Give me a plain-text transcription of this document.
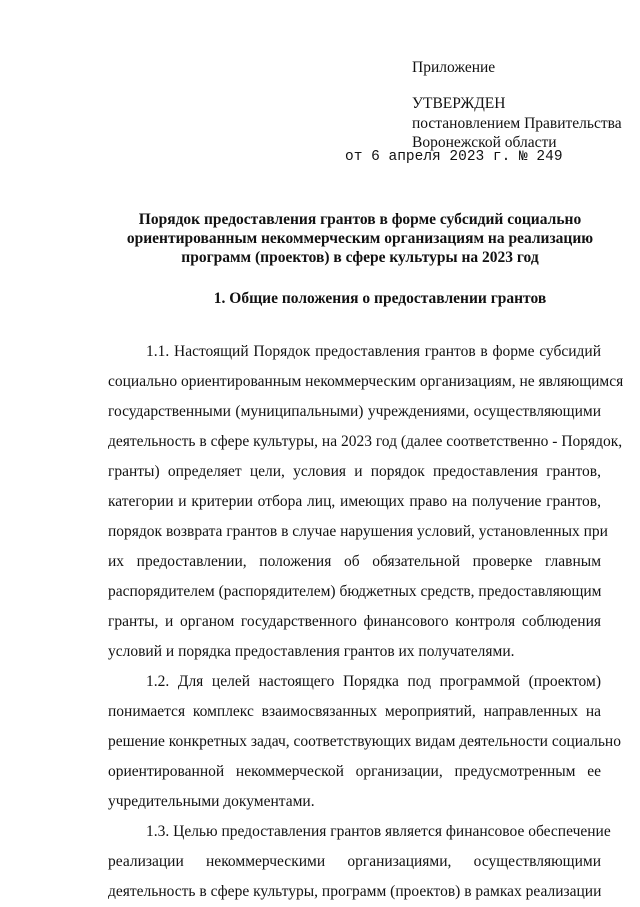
Приложение
УТВЕРЖДЕН
постановлением Правительства
Воронежской области
от 6 апреля 2023 г. № 249
Порядок предоставления грантов в форме субсидий социально
ориентированным некоммерческим организациям на реализацию
программ (проектов) в сфере культуры на 2023 год
1. Общие положения о предоставлении грантов
1.1. Настоящий Порядок предоставления грантов в форме субсидий
социально ориентированным некоммерческим организациям, не являющимся
государственными (муниципальными) учреждениями, осуществляющими
деятельность в сфере культуры, на 2023 год (далее соответственно - Порядок,
гранты) определяет цели, условия и порядок предоставления грантов,
категории и критерии отбора лиц, имеющих право на получение грантов,
порядок возврата грантов в случае нарушения условий, установленных при
их предоставлении, положения об обязательной проверке главным
распорядителем (распорядителем) бюджетных средств, предоставляющим
гранты, и органом государственного финансового контроля соблюдения
условий и порядка предоставления грантов их получателями.
1.2. Для целей настоящего Порядка под программой (проектом)
понимается комплекс взаимосвязанных мероприятий, направленных на
решение конкретных задач, соответствующих видам деятельности социально
ориентированной некоммерческой организации, предусмотренным ее
учредительными документами.
1.3. Целью предоставления грантов является финансовое обеспечение
реализации некоммерческими организациями, осуществляющими
деятельность в сфере культуры, программ (проектов) в рамках реализации
